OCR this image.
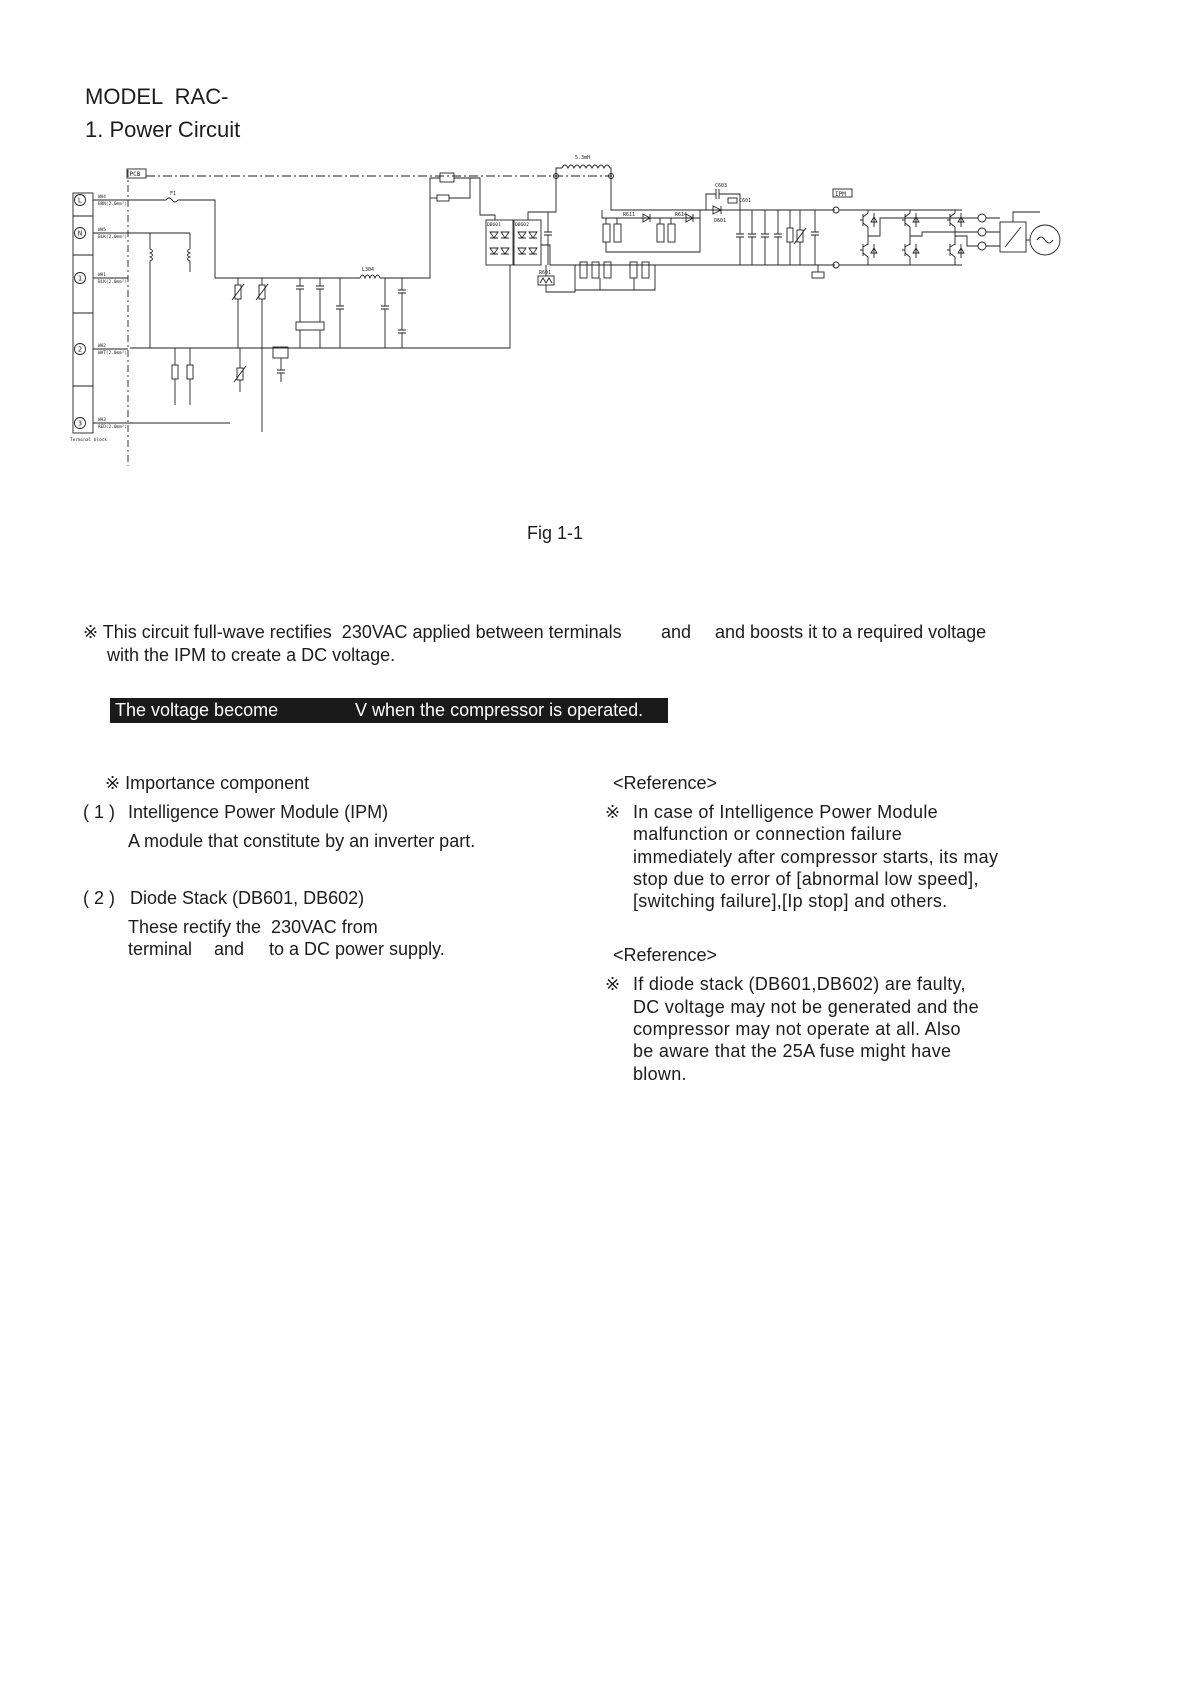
MODEL  RAC-
1. Power Circuit
L
N
1
2
3
WH4
BRN(2.0mm²)
WH5
BLK(2.0mm²)
WH1
BLK(2.0mm²)
WH2
WHT(2.0mm²)
WH3
RED(2.0mm²)
Terminal block
PCB
F1
L304
DB601	DB602
R601
5.3mH
C603
C601
D601
R611	R614
IPM
Fig 1-1
※ This circuit full-wave rectifies  230VAC applied between terminals and and boosts it to a required voltage
with the IPM to create a DC voltage.
The voltage become	V when the compressor is operated.
※ Importance component
(1) Intelligence Power Module (IPM)
A module that constitute by an inverter part.
(2) Diode Stack (DB601, DB602)
These rectify the  230VAC from
terminal and to a DC power supply.
<Reference>
※ In case of Intelligence Power Module
malfunction or connection failure
immediately after compressor starts, its may
stop due to error of [abnormal low speed],
[switching failure],[Ip stop] and others.
<Reference>
※ If diode stack (DB601,DB602) are faulty,
DC voltage may not be generated and the
compressor may not operate at all. Also
be aware that the 25A fuse might have
blown.
